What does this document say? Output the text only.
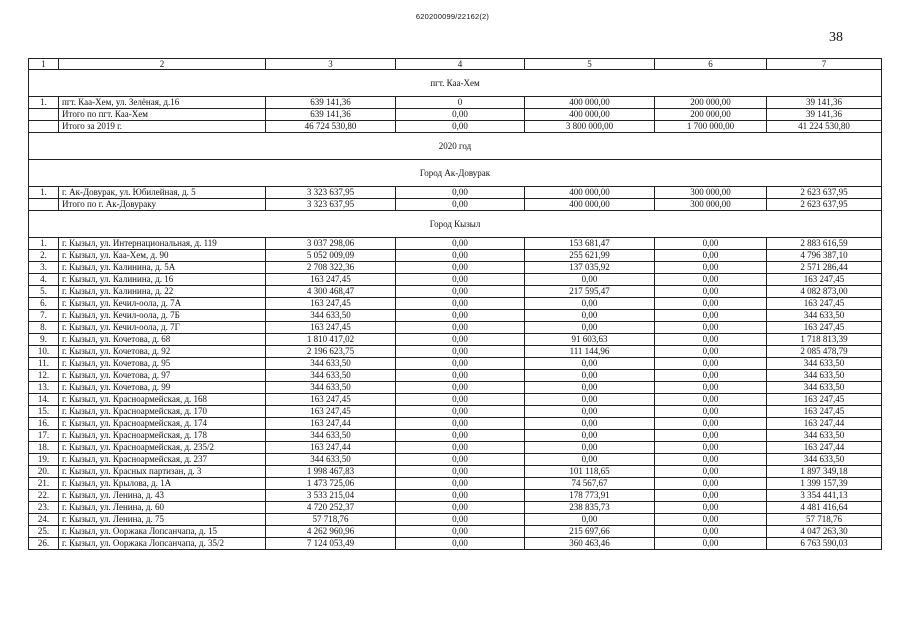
620200099/22162(2)
38
1	2	3	4	5	6	7
пгт. Каа-Хем						
1.	пгт. Каа-Хем, ул. Зелёная, д.16	639 141,36	0	400 000,00	200 000,00	39 141,36
	Итого по пгт. Каа-Хем	639 141,36	0,00	400 000,00	200 000,00	39 141,36
	Итого за 2019 г.	46 724 530,80	0,00	3 800 000,00	1 700 000,00	41 224 530,80
2020 год						
Город Ак-Довурак						
1.	г. Ак-Довурак, ул. Юбилейная, д. 5	3 323 637,95	0,00	400 000,00	300 000,00	2 623 637,95
	Итого по г. Ак-Довураку	3 323 637,95	0,00	400 000,00	300 000,00	2 623 637,95
Город Кызыл						
1.	г. Кызыл, ул. Интернациональная, д. 119	3 037 298,06	0,00	153 681,47	0,00	2 883 616,59
2.	г. Кызыл, ул. Каа-Хем, д. 90	5 052 009,09	0,00	255 621,99	0,00	4 796 387,10
3.	г. Кызыл, ул. Калинина, д. 5А	2 708 322,36	0,00	137 035,92	0,00	2 571 286,44
4.	г. Кызыл, ул. Калинина, д. 16	163 247,45	0,00	0,00	0,00	163 247,45
5.	г. Кызыл, ул. Калинина, д. 22	4 300 468,47	0,00	217 595,47	0,00	4 082 873,00
6.	г. Кызыл, ул. Кечил-оола, д. 7А	163 247,45	0,00	0,00	0,00	163 247,45
7.	г. Кызыл, ул. Кечил-оола, д. 7Б	344 633,50	0,00	0,00	0,00	344 633,50
8.	г. Кызыл, ул. Кечил-оола, д. 7Г	163 247,45	0,00	0,00	0,00	163 247,45
9.	г. Кызыл, ул. Кочетова, д. 68	1 810 417,02	0,00	91 603,63	0,00	1 718 813,39
10.	г. Кызыл, ул. Кочетова, д. 92	2 196 623,75	0,00	111 144,96	0,00	2 085 478,79
11.	г. Кызыл, ул. Кочетова, д. 95	344 633,50	0,00	0,00	0,00	344 633,50
12.	г. Кызыл, ул. Кочетова, д. 97	344 633,50	0,00	0,00	0,00	344 633,50
13.	г. Кызыл, ул. Кочетова, д. 99	344 633,50	0,00	0,00	0,00	344 633,50
14.	г. Кызыл, ул. Красноармейская, д. 168	163 247,45	0,00	0,00	0,00	163 247,45
15.	г. Кызыл, ул. Красноармейская, д. 170	163 247,45	0,00	0,00	0,00	163 247,45
16.	г. Кызыл, ул. Красноармейская, д. 174	163 247,44	0,00	0,00	0,00	163 247,44
17.	г. Кызыл, ул. Красноармейская, д. 178	344 633,50	0,00	0,00	0,00	344 633,50
18.	г. Кызыл, ул. Красноармейская, д. 235/2	163 247,44	0,00	0,00	0,00	163 247,44
19.	г. Кызыл, ул. Красноармейская, д. 237	344 633,50	0,00	0,00	0,00	344 633,50
20.	г. Кызыл, ул. Красных партизан, д. 3	1 998 467,83	0,00	101 118,65	0,00	1 897 349,18
21.	г. Кызыл, ул. Крылова, д. 1А	1 473 725,06	0,00	74 567,67	0,00	1 399 157,39
22.	г. Кызыл, ул. Ленина, д. 43	3 533 215,04	0,00	178 773,91	0,00	3 354 441,13
23.	г. Кызыл, ул. Ленина, д. 60	4 720 252,37	0,00	238 835,73	0,00	4 481 416,64
24.	г. Кызыл, ул. Ленина, д. 75	57 718,76	0,00	0,00	0,00	57 718,76
25.	г. Кызыл, ул. Ооржака Лопсанчапа, д. 15	4 262 960,96	0,00	215 697,66	0,00	4 047 263,30
26.	г. Кызыл, ул. Ооржака Лопсанчапа, д. 35/2	7 124 053,49	0,00	360 463,46	0,00	6 763 590,03
